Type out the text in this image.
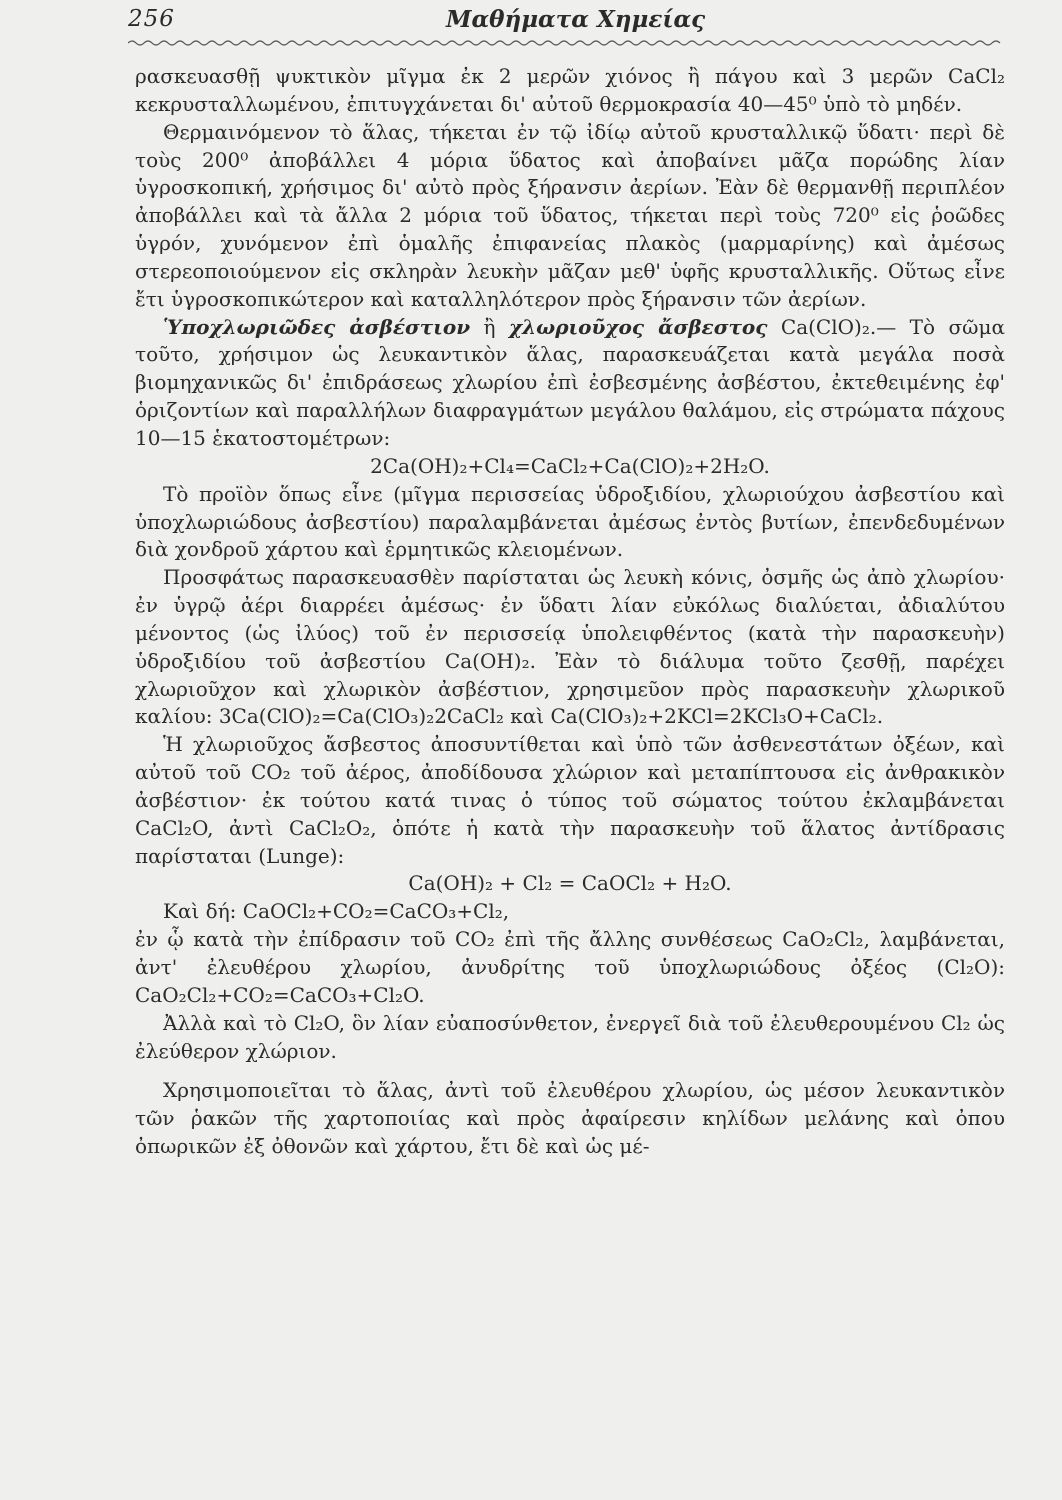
256	Μαθήματα Χημείας

ρασκευασθῇ ψυκτικὸν μῖγμα ἐκ 2 μερῶν χιόνος ἢ πάγου καὶ 3 μερῶν CaCl₂ κεκρυσταλλωμένου, ἐπιτυγχάνεται δι' αὐτοῦ θερμοκρασία 40—45⁰ ὑπὸ τὸ μηδέν.

Θερμαινόμενον τὸ ἅλας, τήκεται ἐν τῷ ἰδίῳ αὐτοῦ κρυσταλλικῷ ὕδατι· περὶ δὲ τοὺς 200⁰ ἀποβάλλει 4 μόρια ὕδατος καὶ ἀποβαίνει μᾶζα πορώδης λίαν ὑγροσκοπική, χρήσιμος δι' αὐτὸ πρὸς ξήρανσιν ἀερίων. Ἐὰν δὲ θερμανθῇ περιπλέον ἀποβάλλει καὶ τὰ ἄλλα 2 μόρια τοῦ ὕδατος, τήκεται περὶ τοὺς 720⁰ εἰς ῥοῶδες ὑγρόν, χυνόμενον ἐπὶ ὁμαλῆς ἐπιφανείας πλακὸς (μαρμαρίνης) καὶ ἀμέσως στερεοποιούμενον εἰς σκληρὰν λευκὴν μᾶζαν μεθ' ὑφῆς κρυσταλλικῆς. Οὕτως εἶνε ἔτι ὑγροσκοπικώτερον καὶ καταλληλότερον πρὸς ξήρανσιν τῶν ἀερίων.

Ὑποχλωριῶδες ἀσβέστιον ἢ χλωριοῦχος ἄσβεστος Ca(ClO)₂.— Τὸ σῶμα τοῦτο, χρήσιμον ὡς λευκαντικὸν ἅλας, παρασκευάζεται κατὰ μεγάλα ποσὰ βιομηχανικῶς δι' ἐπιδράσεως χλωρίου ἐπὶ ἐσβεσμένης ἀσβέστου, ἐκτεθειμένης ἐφ' ὁριζοντίων καὶ παραλλήλων διαφραγμάτων μεγάλου θαλάμου, εἰς στρώματα πάχους 10—15 ἑκατοστομέτρων:

2Ca(OH)₂+Cl₄=CaCl₂+Ca(ClO)₂+2H₂O.

Τὸ προϊὸν ὅπως εἶνε (μῖγμα περισσείας ὑδροξιδίου, χλωριούχου ἀσβεστίου καὶ ὑποχλωριώδους ἀσβεστίου) παραλαμβάνεται ἀμέσως ἐντὸς βυτίων, ἐπενδεδυμένων διὰ χονδροῦ χάρτου καὶ ἑρμητικῶς κλειομένων.

Προσφάτως παρασκευασθὲν παρίσταται ὡς λευκὴ κόνις, ὀσμῆς ὡς ἀπὸ χλωρίου· ἐν ὑγρῷ ἀέρι διαρρέει ἀμέσως· ἐν ὕδατι λίαν εὐκόλως διαλύεται, ἀδιαλύτου μένοντος (ὡς ἰλύος) τοῦ ἐν περισσείᾳ ὑπολειφθέντος (κατὰ τὴν παρασκευὴν) ὑδροξιδίου τοῦ ἀσβεστίου Ca(OH)₂. Ἐὰν τὸ διάλυμα τοῦτο ζεσθῇ, παρέχει χλωριοῦχον καὶ χλωρικὸν ἀσβέστιον, χρησιμεῦον πρὸς παρασκευὴν χλωρικοῦ καλίου: 3Ca(ClO)₂=Ca(ClO₃)₂2CaCl₂ καὶ Ca(ClO₃)₂+2KCl=2KCl₃O+CaCl₂.

Ἡ χλωριοῦχος ἄσβεστος ἀποσυντίθεται καὶ ὑπὸ τῶν ἀσθενεστάτων ὀξέων, καὶ αὐτοῦ τοῦ CO₂ τοῦ ἀέρος, ἀποδίδουσα χλώριον καὶ μεταπίπτουσα εἰς ἀνθρακικὸν ἀσβέστιον· ἐκ τούτου κατά τινας ὁ τύπος τοῦ σώματος τούτου ἐκλαμβάνεται CaCl₂O, ἀντὶ CaCl₂O₂, ὁπότε ἡ κατὰ τὴν παρασκευὴν τοῦ ἅλατος ἀντίδρασις παρίσταται (Lunge):

Ca(OH)₂ + Cl₂ = CaOCl₂ + H₂O.

Καὶ δή: CaOCl₂+CO₂=CaCO₃+Cl₂,

ἐν ᾧ κατὰ τὴν ἐπίδρασιν τοῦ CO₂ ἐπὶ τῆς ἄλλης συνθέσεως CaO₂Cl₂, λαμβάνεται, ἀντ' ἐλευθέρου χλωρίου, ἀνυδρίτης τοῦ ὑποχλωριώδους ὀξέος (Cl₂O): CaO₂Cl₂+CO₂=CaCO₃+Cl₂O.

Ἀλλὰ καὶ τὸ Cl₂O, ὃν λίαν εὐαποσύνθετον, ἐνεργεῖ διὰ τοῦ ἐλευθερουμένου Cl₂ ὡς ἐλεύθερον χλώριον.

Χρησιμοποιεῖται τὸ ἅλας, ἀντὶ τοῦ ἐλευθέρου χλωρίου, ὡς μέσον λευκαντικὸν τῶν ῥακῶν τῆς χαρτοποιίας καὶ πρὸς ἀφαίρεσιν κηλίδων μελάνης καὶ ὀπου ὀπωρικῶν ἐξ ὀθονῶν καὶ χάρτου, ἔτι δὲ καὶ ὡς μέ-
